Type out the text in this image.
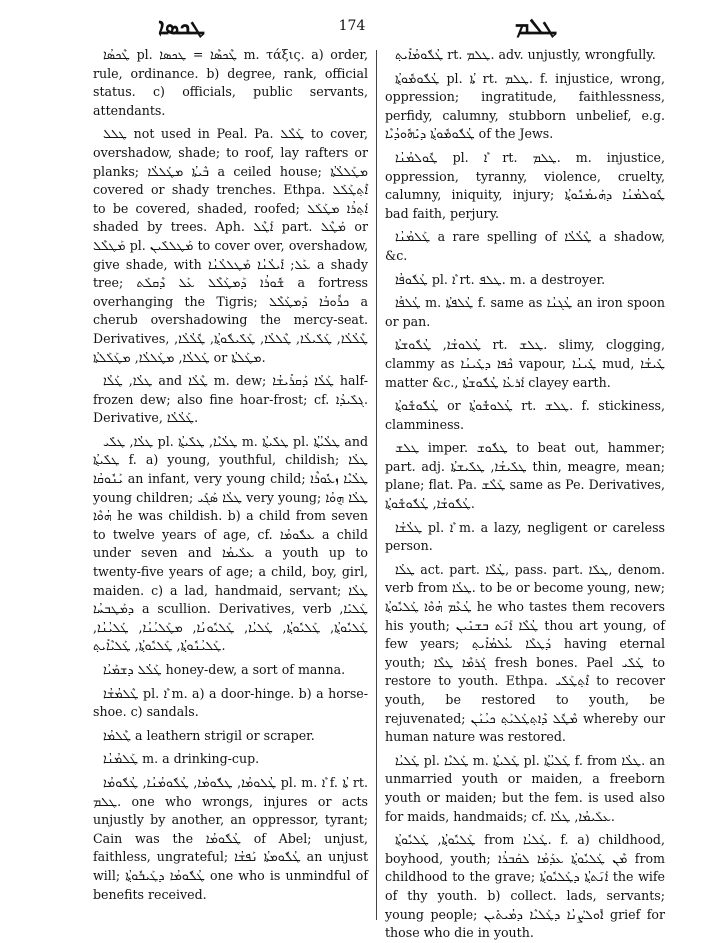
ܛܟܣܐ	174	ܛܠܡ

ܛܶܟܣܳܐ pl. ܛܶܟܣܶܐ = ܛܟܣܐ m. τάξις. a) order, rule, ordinance. b) degree, rank, official status. c) officials, public servants, attendants.

ܛܠܠ not used in Peal. Pa. ܛܰܠܶܠ to cover, overshadow, shade; to roof, lay rafters or planks; ܒܶܝܬܳܐ ܡܛܰܠܠܳܐ a ceiled house; ܡܛܰܠܠܳܬܳܐ covered or shady trenches. Ethpa. ܐܶܬ݂ܛܰܠܰܠ to be covered, shaded, roofed; ܐܰܬ݂ܪܳܐ ܡܛܰܠܰܠ shaded by trees. Aph. ܐܰܛܶܠ part. ܡܰܛܶܠ or ܡܰܛܠܶܠ pl. ܡܰܛܠܠܺܝܢ to cover over, overshadow, give shade, with ܥܰܠ; ܐܺܝܠܳܢܳܐ ܡܰܛܠܠܳܢܳܐ a shady tree; ܫܽܘܪܳܐ ܕܰܡܛܰܠܶܠ ܥܰܠ ܕܶܩܠܰܬ a fortress overhanging the Tigris; ܟܪܽܘܒܳܐ ܕܰܡܛܰܠܶܠ a cherub overshadowing the mercy-seat. Derivatives, ܛܶܠܳܠܳܐ, ܛܰܠܺܝܠܳܐ, ܛܶܠܠܳܐ, ܛܰܠܺܝܠܽܘܬ݂ܳܐ, ܛܽܠܳܠܳܐ, ܛܰܠܠܳܐ, ܡܛܰܠܠܳܐ, ܡܛܰܠܰܠܬܳܐ or ܡܛܰܠܬܳܐ.

ܛܠܳܐ, ܛܰܠܳܐ and ܛܶܠܳܐ m. dew; ܛܰܠܳܐ ܕܰܩܪܺܝܫܳܐ half-frozen dew; also fine hoar-frost; cf. ܓܠܺܝܕܳܐ. Derivative, ܛܰܠܳܠܳܐ.

ܛܠܳܐ, ܛܠܺܝ pl. ܛܠܳܝܶܐ, ܛܠܺܝܬ݂ܳܐ m. ܛܠܺܝܬ݂ܳܐ pl. ܛܠܳܝܳܬ݂ܳܐ and ܛܠܺܝܬ݂ܳܐ f. a) young, youthful, childish; ܛܠܳܐ ܝܰܢܽܘܩܳܐ an infant, very young child; ܛܠܳܝܶܐ ܙܥܽܘܪܶܐ young children; ܛܠܳܐ ܣܰܓܺܝ very young; ܛܠܳܐ ܗ݈ܘܳܐ ܗܳܘܶܐ he was childish. b) a child from seven to twelve years of age, cf. ܥܠܽܘܡܳܐ a child under seven and ܥܠܰܝܡܳܐ a youth up to twenty-five years of age; a child, boy, girl, maiden. c) a lad, handmaid, servant; ܛܠܳܐ ܕܡܰܛܒܚܳܐ a scullion. Derivatives, verb ܛܰܠܝܺܐ, ܛܰܠܝܽܘܬ݂ܳܐ, ܛܰܠܝܽܘܬ݂ܳܐ, ܛܰܠܝܳܐ, ܛܰܠܝܽܘܢܳܐ, ܡܛܰܠܝܳܢܳܐ, ܛܰܠܝܳܢܳܐ, ܛܰܠܝܳܢܽܘܬ݂ܳܐ, ܛܰܠܝܽܘܬ݂ܳܐ, ܛܰܠܝܶܐܺܝܬ݂.

ܛܰܠܳܠ ܕܫܡܰܝܳܐ honey-dew, a sort of manna.

ܛܶܠܡܳܫܳܐ pl. ܶܐ m. a) a door-hinge. b) a horse-shoe. c) sandals.

ܛܶܠܡܳܐ a leathern strigil or scraper.

ܛܰܠܡܳܢܳܐ m. a drinking-cup.

ܛܳܠܘܡܳܐ, ܛܠܽܘܡܳܐ, ܛܳܠܽܘܡܳܢܳܐ, ܛܳܠܽܘܡܳܐ pl. m. ܶܐ f. ܬܳܐ rt. ܛܠܡ. one who wrongs, injures or acts unjustly by another, an oppressor, tyrant; Cain was the ܛܳܠܽܘܡܳܐ of Abel; unjust, faithless, ungrateful; ܛܳܠܽܘܡܬܳܐ ܢܰܦܫܳܐ an unjust will; ܛܳܠܽܘܡܳܐ ܕܛܰܝܒܽܘܬ݂ܳܐ one who is unmindful of benefits received.

ܛܳܠܽܘܡܳܐܺܝܬ݂ rt. ܛܠܡ. adv. unjustly, wrongfully.

ܛܳܠܽܘܡܽܘܬ݂ܳܐ pl. ܬܳܐ rt. ܛܠܡ. f. injustice, wrong, oppression; ingratitude, faithlessness, perfidy, calumny, stubborn unbelief, e.g. ܛܳܠܽܘܡܽܘܬ݂ܳܐ ܕܝܺܗܽܘܕܳܝܶܐ of the Jews.

ܛܽܘܠܡܳܢܳܐ pl. ܶܐ rt. ܛܠܡ. m. injustice, oppression, tyranny, violence, cruelty, calumny, iniquity, injury; ܛܽܘܠܡܳܢܳܐ ܕܗܰܝܡܳܢܽܘܬ݂ܳܐ bad faith, perjury.

ܛܰܠܡܳܢܳܐ a rare spelling of ܛܶܠܳܠܳܐ a shadow, &c.

ܛܳܠܽܘܦܳܐ pl. ܶܐ rt. ܛܠܦ. m. a destroyer.

ܛܳܠܦܳܐ m. ܛܳܠܦܬܳܐ f. same as ܛܳܓܢܳܐ an iron spoon or pan.

ܛܳܠܘܫܳܐ, ܛܳܠܽܘܫܬܳܐ rt. ܛܠܫ. slimy, clogging, clammy as ܟܶܦܐ ܕܛܺܝܢܳܐ vapour, ܛܺܝܢܳܐ mud, ܛܺܝܫܳܐ matter &c., ܐܰܪܥܳܐ ܛܳܠܽܘܫܬܳܐ clayey earth.

ܛܳܠܽܘܫܽܘܬ݂ܳܐ or ܛܳܠܘܫܽܘܬ݂ܳܐ rt. ܛܠܫ. f. stickiness, clamminess.

ܛܠܫ imper. ܛܠܽܘܫ to beat out, hammer; part. adj. ܛܠܺܝܫܳܐ, ܛܠܺܝܫܬܳܐ thin, meagre, mean; plane; flat. Pa. ܛܰܠܶܫ same as Pe. Derivatives, ܛܳܠܽܘܫܳܐ, ܛܳܠܽܘܫܽܘܬ݂ܳܐ.

ܛܠܳܫܳܐ pl. ܶܐ m. a lazy, negligent or careless person.

ܛܠܳܐ act. part. ܛܳܠܶܐ, pass. part. ܛܠܺܐ, denom. verb from ܛܠܳܐ. to be or become young, new; ܛܳܥܶܡ ܗܳܘܶܐ ܛܰܠܝܽܘܬ݂ܳܐ he who tastes them recovers his youth; ܛܳܠܶܐ ܐܰܢ݇ܬ ܒܫܢܺܝܢ thou art young, of few years; ܕܰܛܠܶܐ ܥܳܠܡܳܐܺܝܬ݂ having eternal youth; ܓܰܪܡܶܐ ܛܠܶܐ fresh bones. Pael ܛܰܠܺܝ to restore to youth. Ethpa. ܐܶܬ݂ܛܰܠܺܝ to recover youth, be restored to youth, be rejuvenated; ܡܶܛܽܠ ܕܶܐܬ݂ܛܰܠܝܰܬ݂ ܟܝܳܢܰܢ whereby our human nature was restored.

ܛܰܠܝܳܐ pl. ܛܰܠܝܶܐ m. ܛܰܠܝܬ݂ܳܐ pl. ܛܰܠܝܳܬ݂ܳܐ f. from ܛܠܳܐ. an unmarried youth or maiden, a freeborn youth or maiden; but the fem. is used also for maids, handmaids; cf. ܥܠܰܝܡܳܐ, ܛܠܳܐ.

ܛܰܠܝܽܘܬ݂ܳܐ, ܛܰܠܝܽܘܬ݂ܳܐ from ܛܰܠܝܳܐ. f. a) childhood, boyhood, youth; ܡܶܢ ܛܰܠܝܽܘܬ݂ܳܐ ܥܕܰܡܳܐ ܠܩܰܒܪܳܐ from childhood to the grave; ܐܰܢ݇ܬܬ݂ܳܐ ܕܛܰܠܝܽܘܬ݂ܳܐ the wife of thy youth. b) collect. lads, servants; young people; ܐܽܘܠܨܳܢܳܐ ܕܛܰܠܝܶܐ ܕܡܳܝܬܺܝܢ grief for those who die in youth.
